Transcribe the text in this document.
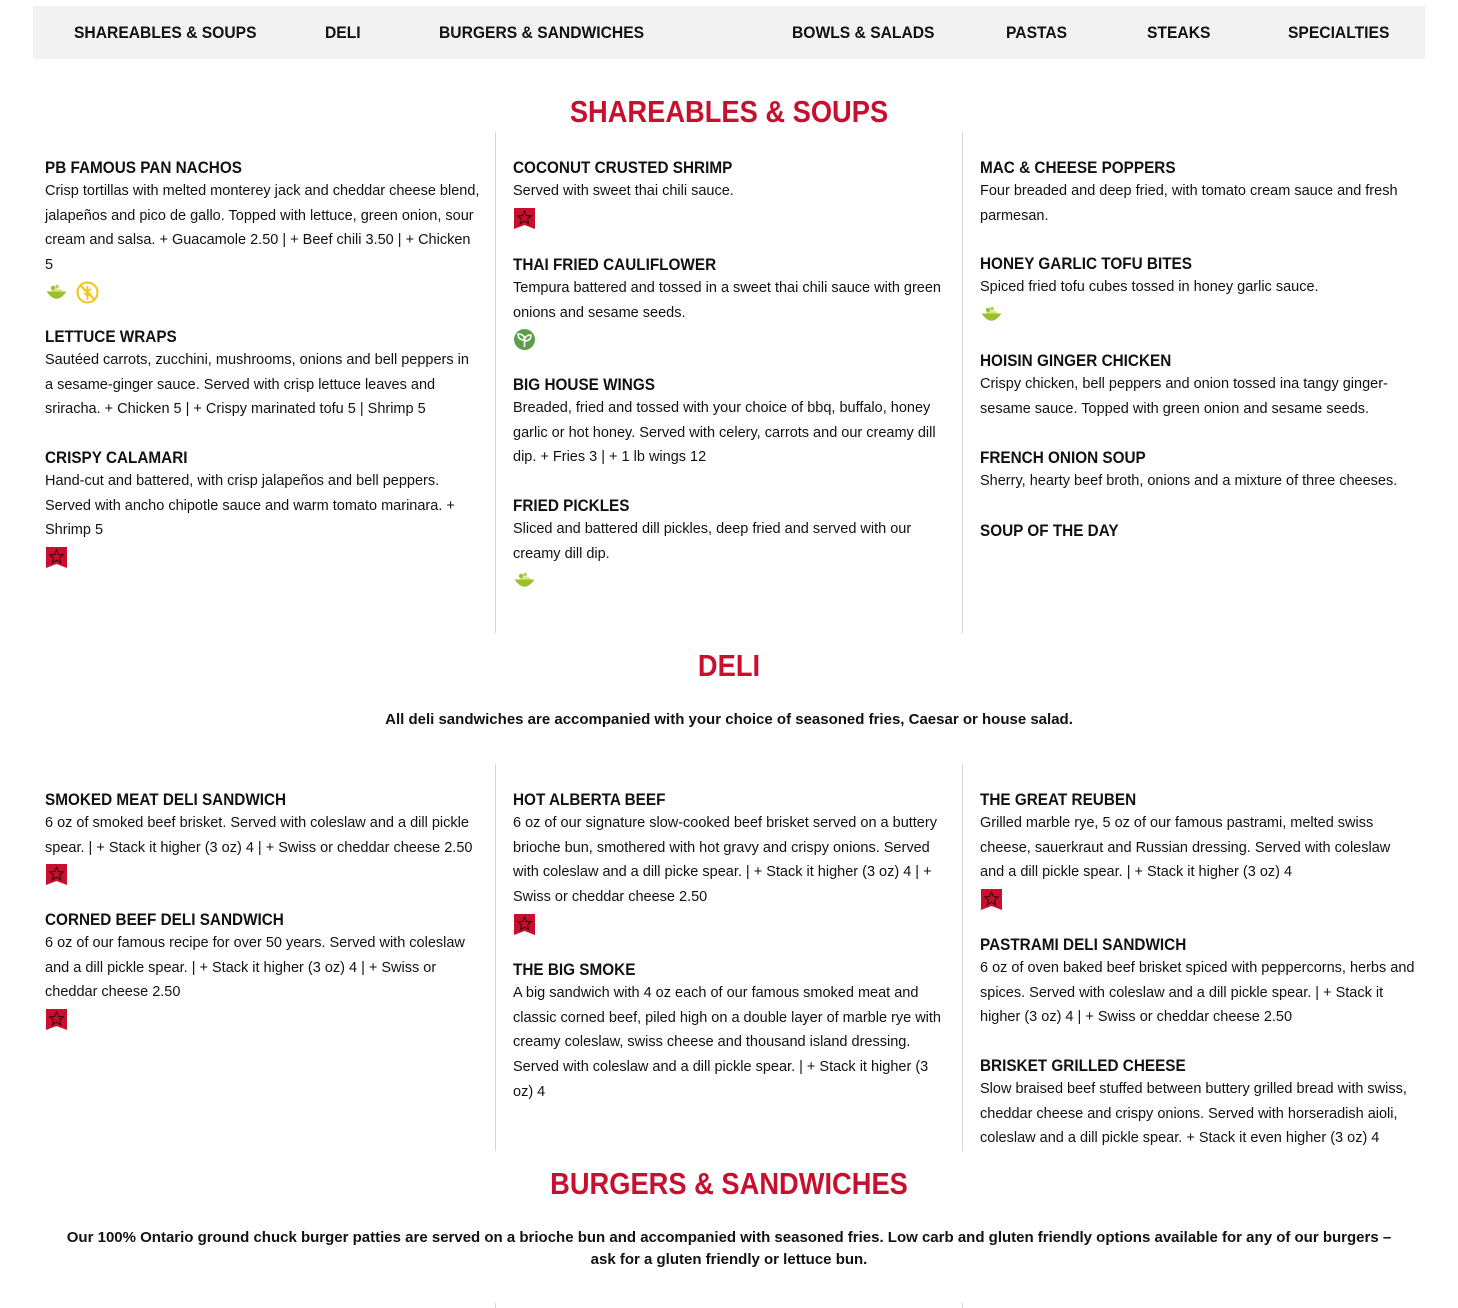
SHAREABLES & SOUPS	DELI	BURGERS & SANDWICHES	BOWLS & SALADS	PASTAS	STEAKS	SPECIALTIES
SHAREABLES & SOUPS

PB FAMOUS PAN NACHOS

Crisp tortillas with melted monterey jack and cheddar cheese blend, jalapeños and pico de gallo. Topped with lettuce, green onion, sour cream and salsa. + Guacamole 2.50 | + Beef chili 3.50 | + Chicken 5

LETTUCE WRAPS

Sautéed carrots, zucchini, mushrooms, onions and bell peppers in a sesame-ginger sauce. Served with crisp lettuce leaves and sriracha. + Chicken 5 | + Crispy marinated tofu 5 | Shrimp 5

CRISPY CALAMARI

Hand-cut and battered, with crisp jalapeños and bell peppers. Served with ancho chipotle sauce and warm tomato marinara. + Shrimp 5

COCONUT CRUSTED SHRIMP

Served with sweet thai chili sauce.

THAI FRIED CAULIFLOWER

Tempura battered and tossed in a sweet thai chili sauce with green onions and sesame seeds.

BIG HOUSE WINGS

Breaded, fried and tossed with your choice of bbq, buffalo, honey garlic or hot honey. Served with celery, carrots and our creamy dill dip. + Fries 3 | + 1 lb wings 12

FRIED PICKLES

Sliced and battered dill pickles, deep fried and served with our creamy dill dip.

MAC & CHEESE POPPERS

Four breaded and deep fried, with tomato cream sauce and fresh parmesan.

HONEY GARLIC TOFU BITES

Spiced fried tofu cubes tossed in honey garlic sauce.

HOISIN GINGER CHICKEN

Crispy chicken, bell peppers and onion tossed ina tangy ginger-sesame sauce. Topped with green onion and sesame seeds.

FRENCH ONION SOUP

Sherry, hearty beef broth, onions and a mixture of three cheeses.

SOUP OF THE DAY

DELI

All deli sandwiches are accompanied with your choice of seasoned fries, Caesar or house salad.

SMOKED MEAT DELI SANDWICH

6 oz of smoked beef brisket. Served with coleslaw and a dill pickle spear. | + Stack it higher (3 oz) 4 | + Swiss or cheddar cheese 2.50

CORNED BEEF DELI SANDWICH

6 oz of our famous recipe for over 50 years. Served with coleslaw and a dill pickle spear. | + Stack it higher (3 oz) 4 | + Swiss or cheddar cheese 2.50

HOT ALBERTA BEEF

6 oz of our signature slow-cooked beef brisket served on a buttery brioche bun, smothered with hot gravy and crispy onions. Served with coleslaw and a dill picke spear. | + Stack it higher (3 oz) 4 | + Swiss or cheddar cheese 2.50

THE BIG SMOKE

A big sandwich with 4 oz each of our famous smoked meat and classic corned beef, piled high on a double layer of marble rye with creamy coleslaw, swiss cheese and thousand island dressing. Served with coleslaw and a dill pickle spear. | + Stack it higher (3 oz) 4

THE GREAT REUBEN

Grilled marble rye, 5 oz of our famous pastrami, melted swiss cheese, sauerkraut and Russian dressing. Served with coleslaw and a dill pickle spear. | + Stack it higher (3 oz) 4

PASTRAMI DELI SANDWICH

6 oz of oven baked beef brisket spiced with peppercorns, herbs and spices. Served with coleslaw and a dill pickle spear. | + Stack it higher (3 oz) 4 | + Swiss or cheddar cheese 2.50

BRISKET GRILLED CHEESE

Slow braised beef stuffed between buttery grilled bread with swiss, cheddar cheese and crispy onions. Served with horseradish aioli, coleslaw and a dill pickle spear. + Stack it even higher (3 oz) 4

BURGERS & SANDWICHES

Our 100% Ontario ground chuck burger patties are served on a brioche bun and accompanied with seasoned fries. Low carb and gluten friendly options available for any of our burgers – ask for a gluten friendly or lettuce bun.
